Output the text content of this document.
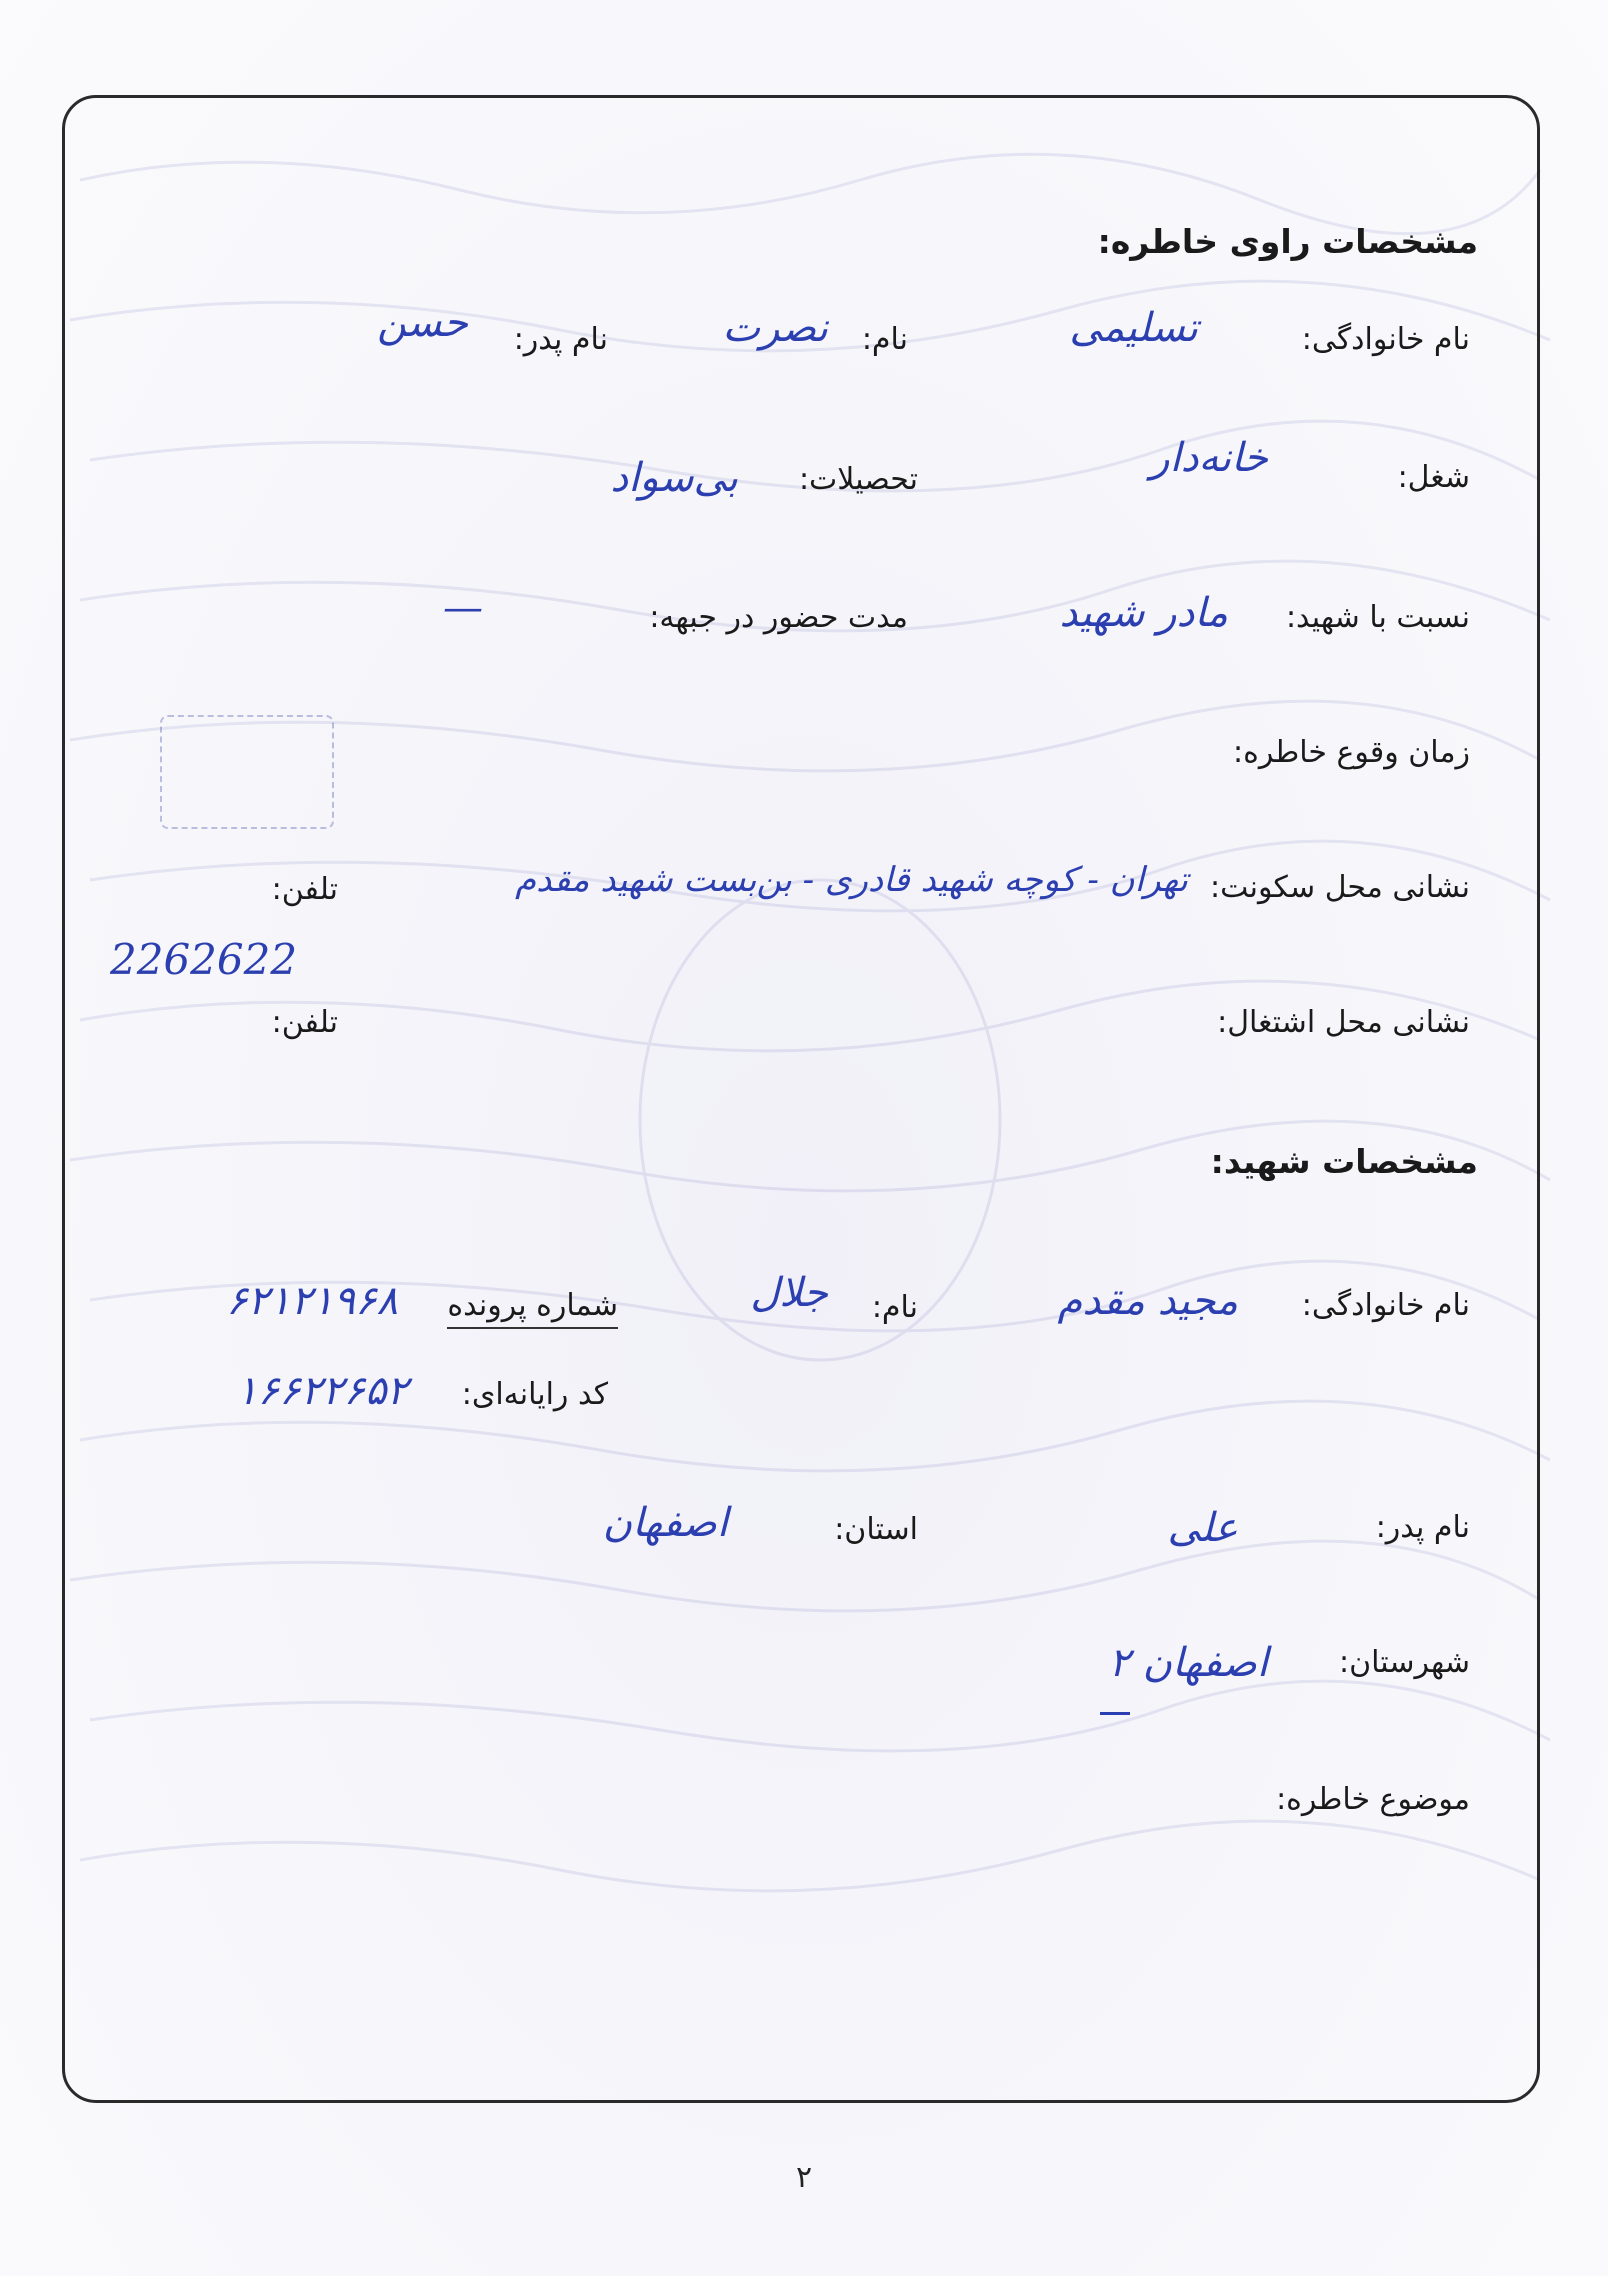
مشخصات راوی خاطره:
نام خانوادگی:
تسلیمی
نام:
نصرت
نام پدر:
حسن
شغل:
خانه‌دار
تحصیلات:
بی‌سواد
نسبت با شهید:
مادر شهید
مدت حضور در جبهه:
—
زمان وقوع خاطره:
نشانی محل سکونت:
تهران - کوچه شهید قادری - بن‌بست شهید مقدم
تلفن:
2262622
نشانی محل اشتغال:
تلفن:
مشخصات شهید:
نام خانوادگی:
مجید مقدم
نام:
جلال
شماره پرونده
۶۲۱۲۱۹۶۸
کد رایانه‌ای:
۱۶۶۲۲۶۵۲
نام پدر:
علی
استان:
اصفهان
شهرستان:
اصفهان ۲
موضوع خاطره:
۲
